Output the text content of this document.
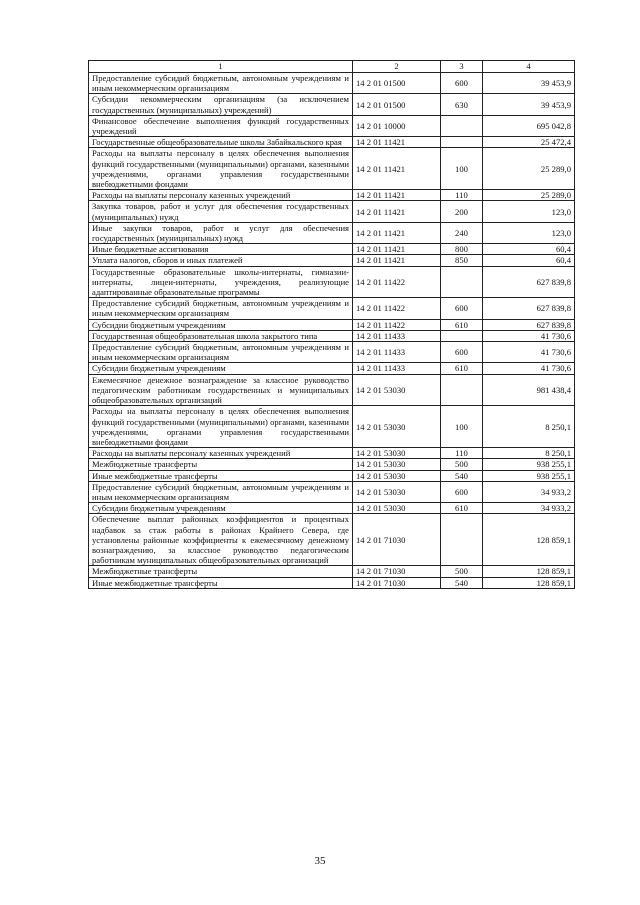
1	2	3	4
Предоставление субсидий бюджетным, автономным учреждениям и иным некоммерческим организациям	14 2 01 01500	600	39 453,9
Субсидии некоммерческим организациям (за исключением государственных (муниципальных) учреждений)	14 2 01 01500	630	39 453,9
Финансовое обеспечение выполнения функций государственных учреждений	14 2 01 10000		695 042,8
Государственные общеобразовательные школы Забайкальского края	14 2 01 11421		25 472,4
Расходы на выплаты персоналу в целях обеспечения выполнения функций государственными (муниципальными) органами, казенными учреждениями, органами управления государственными внебюджетными фондами	14 2 01 11421	100	25 289,0
Расходы на выплаты персоналу казенных учреждений	14 2 01 11421	110	25 289,0
Закупка товаров, работ и услуг для обеспечения государственных (муниципальных) нужд	14 2 01 11421	200	123,0
Иные закупки товаров, работ и услуг для обеспечения государственных (муниципальных) нужд	14 2 01 11421	240	123,0
Иные бюджетные ассигнования	14 2 01 11421	800	60,4
Уплата налогов, сборов и иных платежей	14 2 01 11421	850	60,4
Государственные образовательные школы-интернаты, гимназии-интернаты, лицеи-интернаты, учреждения, реализующие адаптированные образовательные программы	14 2 01 11422		627 839,8
Предоставление субсидий бюджетным, автономным учреждениям и иным некоммерческим организациям	14 2 01 11422	600	627 839,8
Субсидии бюджетным учреждениям	14 2 01 11422	610	627 839,8
Государственная общеобразовательная школа закрытого типа	14 2 01 11433		41 730,6
Предоставление субсидий бюджетным, автономным учреждениям и иным некоммерческим организациям	14 2 01 11433	600	41 730,6
Субсидии бюджетным учреждениям	14 2 01 11433	610	41 730,6
Ежемесячное денежное вознаграждение за классное руководство педагогическим работникам государственных и муниципальных общеобразовательных организаций	14 2 01 53030		981 438,4
Расходы на выплаты персоналу в целях обеспечения выполнения функций государственными (муниципальными) органами, казенными учреждениями, органами управления государственными внебюджетными фондами	14 2 01 53030	100	8 250,1
Расходы на выплаты персоналу казенных учреждений	14 2 01 53030	110	8 250,1
Межбюджетные трансферты	14 2 01 53030	500	938 255,1
Иные межбюджетные трансферты	14 2 01 53030	540	938 255,1
Предоставление субсидий бюджетным, автономным учреждениям и иным некоммерческим организациям	14 2 01 53030	600	34 933,2
Субсидии бюджетным учреждениям	14 2 01 53030	610	34 933,2
Обеспечение выплат районных коэффициентов и процентных надбавок за стаж работы в районах Крайнего Севера, где установлены районные коэффициенты к ежемесячному денежному вознаграждению, за классное руководство педагогическим работникам муниципальных общеобразовательных организаций	14 2 01 71030		128 859,1
Межбюджетные трансферты	14 2 01 71030	500	128 859,1
Иные межбюджетные трансферты	14 2 01 71030	540	128 859,1
35
